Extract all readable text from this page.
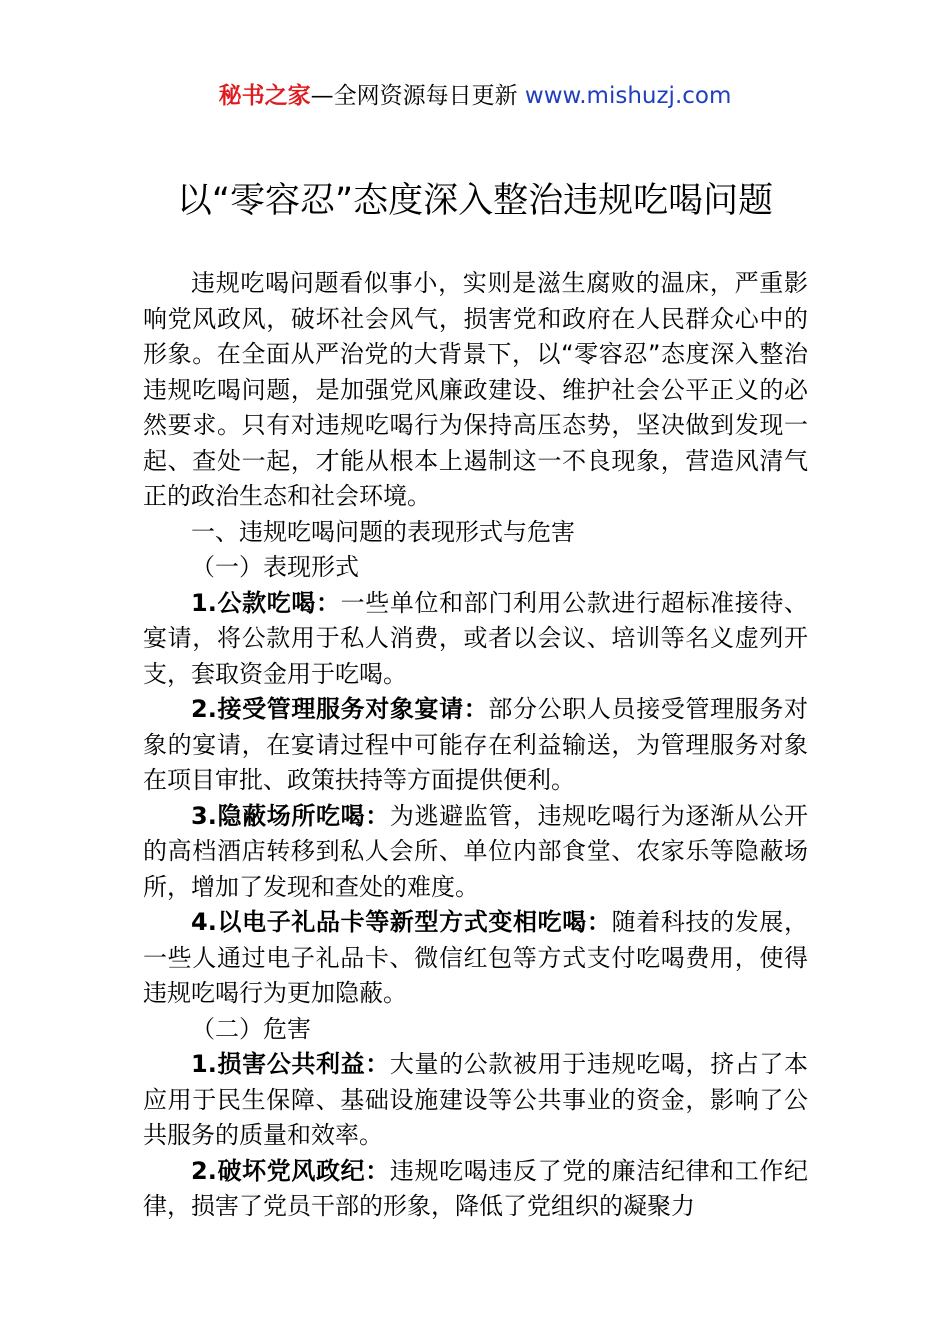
秘书之家—全网资源每日更新 www.mishuzj.com
以“零容忍”态度深入整治违规吃喝问题

违规吃喝问题看似事小，实则是滋生腐败的温床，严重影响党风政风，破坏社会风气，损害党和政府在人民群众心中的形象。在全面从严治党的大背景下，以“零容忍”态度深入整治违规吃喝问题，是加强党风廉政建设、维护社会公平正义的必然要求。只有对违规吃喝行为保持高压态势，坚决做到发现一起、查处一起，才能从根本上遏制这一不良现象，营造风清气正的政治生态和社会环境。

一、违规吃喝问题的表现形式与危害

（一）表现形式

1.公款吃喝：一些单位和部门利用公款进行超标准接待、宴请，将公款用于私人消费，或者以会议、培训等名义虚列开支，套取资金用于吃喝。

2.接受管理服务对象宴请：部分公职人员接受管理服务对象的宴请，在宴请过程中可能存在利益输送，为管理服务对象在项目审批、政策扶持等方面提供便利。

3.隐蔽场所吃喝：为逃避监管，违规吃喝行为逐渐从公开的高档酒店转移到私人会所、单位内部食堂、农家乐等隐蔽场所，增加了发现和查处的难度。

4.以电子礼品卡等新型方式变相吃喝：随着科技的发展，一些人通过电子礼品卡、微信红包等方式支付吃喝费用，使得违规吃喝行为更加隐蔽。

（二）危害

1.损害公共利益：大量的公款被用于违规吃喝，挤占了本应用于民生保障、基础设施建设等公共事业的资金，影响了公共服务的质量和效率。

2.破坏党风政纪：违规吃喝违反了党的廉洁纪律和工作纪律，损害了党员干部的形象，降低了党组织的凝聚力
